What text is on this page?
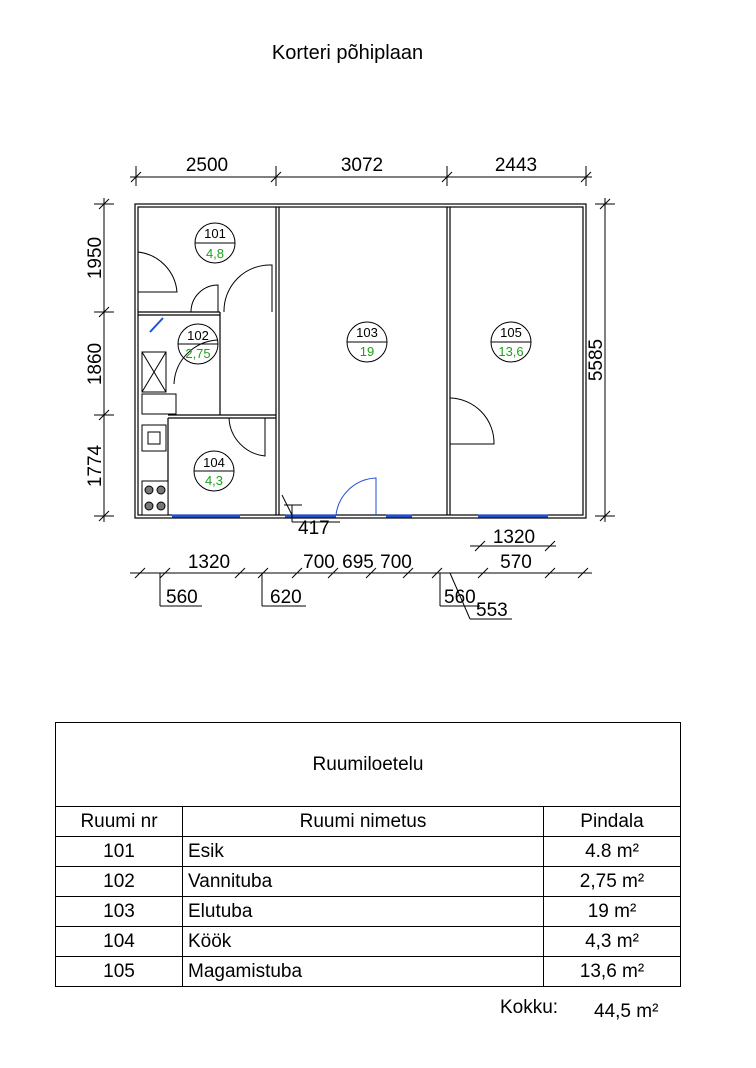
Korteri põhiplaan
101
4,8
102
2,75
103
19
104
4,3
105
13,6
2500	3072	2443
1950
1860
1774
5585
417
1320	700 695 700
1320
570
560	620	560
553
Ruumiloetelu		
Ruumi nr	Ruumi nimetus	Pindala
101	Esik	4.8 m²
102	Vannituba	2,75 m²
103	Elutuba	19 m²
104	Köök	4,3 m²
105	Magamistuba	13,6 m²
Kokku: 44,5 m²
